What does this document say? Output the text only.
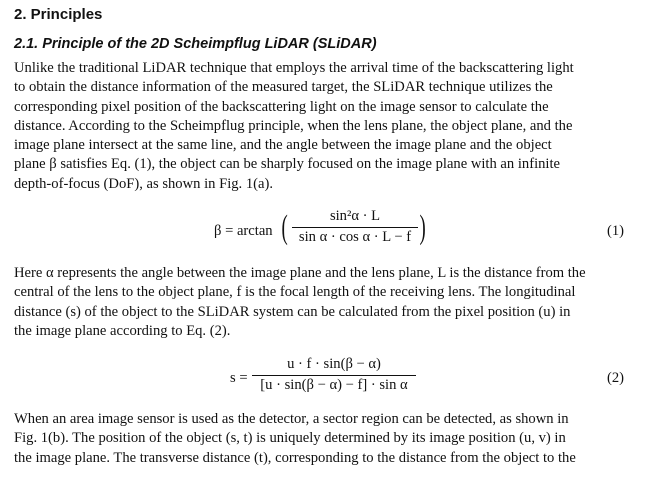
2. Principles
2.1. Principle of the 2D Scheimpflug LiDAR (SLiDAR)

Unlike the traditional LiDAR technique that employs the arrival time of the backscattering light
to obtain the distance information of the measured target, the SLiDAR technique utilizes the
corresponding pixel position of the backscattering light on the image sensor to calculate the
distance. According to the Scheimpflug principle, when the lens plane, the object plane, and the
image plane intersect at the same line, and the angle between the image plane and the object
plane β satisfies Eq. (1), the object can be sharply focused on the image plane with an infinite
depth-of-focus (DoF), as shown in Fig. 1(a).

β = arctan (	sin²α · L
sin α · cos α · L − f )	(1)

Here α represents the angle between the image plane and the lens plane, L is the distance from the
central of the lens to the object plane, f is the focal length of the receiving lens. The longitudinal
distance (s) of the object to the SLiDAR system can be calculated from the pixel position (u) in
the image plane according to Eq. (2).

s =
u · f · sin(β − α)
[u · sin(β − α) − f] · sin α	(2)

When an area image sensor is used as the detector, a sector region can be detected, as shown in
Fig. 1(b). The position of the object (s, t) is uniquely determined by its image position (u, v) in
the image plane. The transverse distance (t), corresponding to the distance from the object to the
